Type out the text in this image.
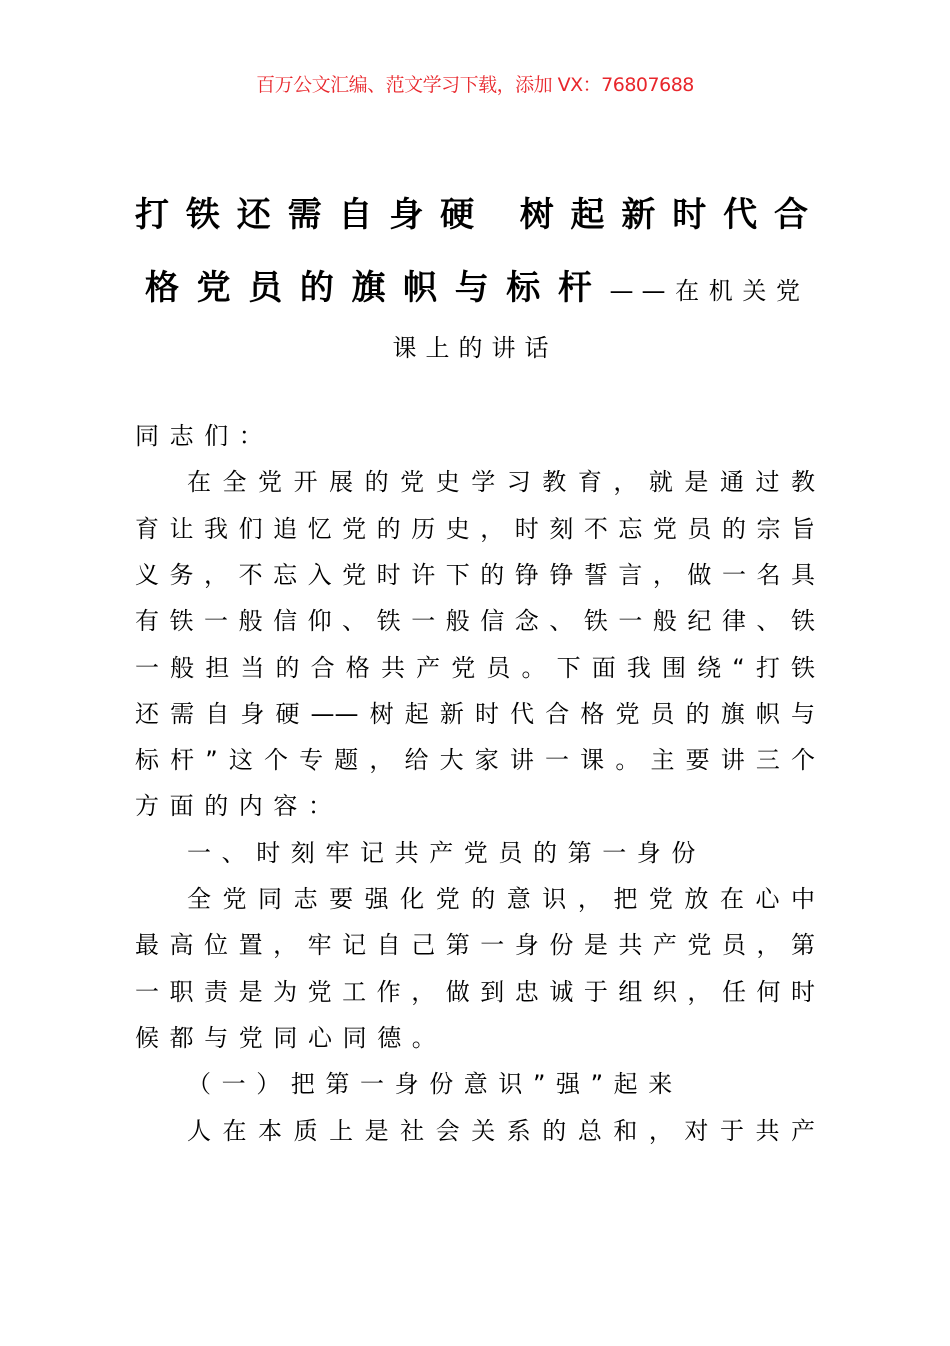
百万公文汇编、范文学习下载，添加 VX：76807688
打铁还需自身硬 树起新时代合
格党员的旗帜与标杆——在机关党
课上的讲话
同志们：
在全党开展的党史学习教育，就是通过教
育让我们追忆党的历史，时刻不忘党员的宗旨
义务，不忘入党时许下的铮铮誓言，做一名具
有铁一般信仰、铁一般信念、铁一般纪律、铁
一般担当的合格共产党员。下面我围绕“打铁
还需自身硬——树起新时代合格党员的旗帜与
标杆”这个专题，给大家讲一课。主要讲三个
方面的内容：
一、时刻牢记共产党员的第一身份
全党同志要强化党的意识，把党放在心中
最高位置，牢记自己第一身份是共产党员，第
一职责是为党工作，做到忠诚于组织，任何时
候都与党同心同德。
（一）把第一身份意识”强”起来
人在本质上是社会关系的总和，对于共产
